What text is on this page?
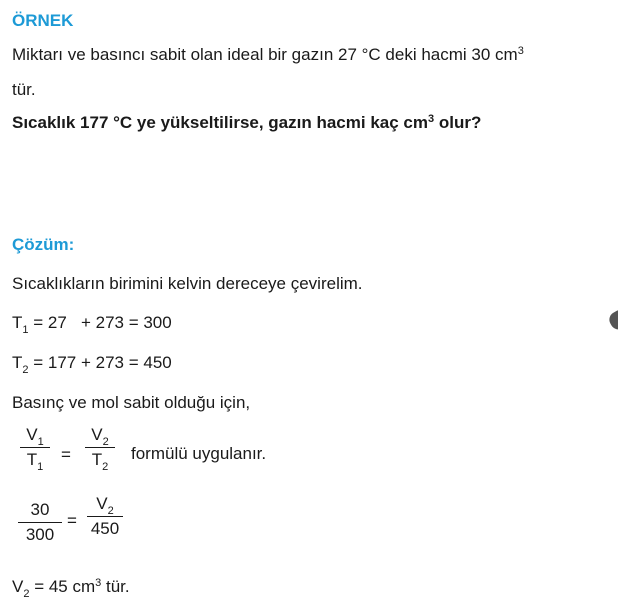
ÖRNEK
Miktarı ve basıncı sabit olan ideal bir gazın 27 °C deki hacmi 30 $cm^3$
tür.
Sıcaklık 177 °C ye yükseltilirse, gazın hacmi kaç $cm^3$ olur?
Çözüm:
Sıcaklıkların birimini kelvin dereceye çevirelim.
$T_1 = 27 + 273 = 300$
$T_2 = 177 + 273 = 450$
Basınç ve mol sabit olduğu için,
$V_1$
$T_1$
=
$V_2$
$T_2$
formülü uygulanır.
30
300
=
$V_2$
450
$V_2 = 45$ $cm^3$ tür.
